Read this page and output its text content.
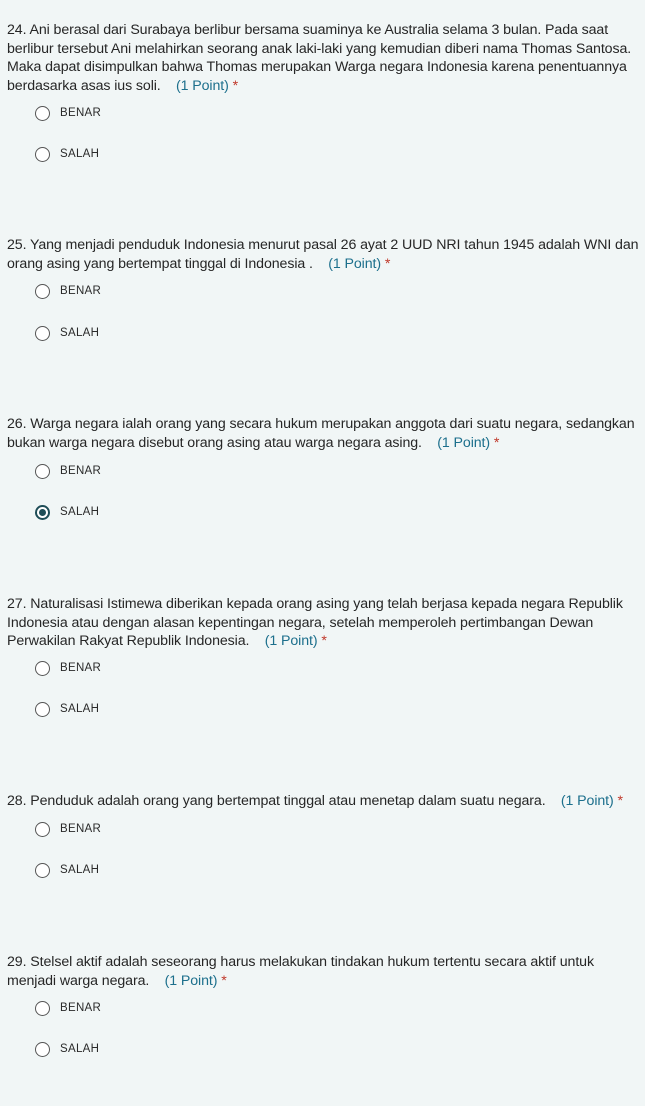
24. Ani berasal dari Surabaya berlibur bersama suaminya ke Australia selama 3 bulan. Pada saat berlibur tersebut Ani melahirkan seorang anak laki-laki yang kemudian diberi nama Thomas Santosa. Maka dapat disimpulkan bahwa Thomas merupakan Warga negara Indonesia karena penentuannya berdasarka asas ius soli. (1 Point) *
BENAR
SALAH
25. Yang menjadi penduduk Indonesia menurut pasal 26 ayat 2 UUD NRI tahun 1945 adalah WNI dan orang asing yang bertempat tinggal di Indonesia . (1 Point) *
BENAR
SALAH
26. Warga negara ialah orang yang secara hukum merupakan anggota dari suatu negara, sedangkan bukan warga negara disebut orang asing atau warga negara asing. (1 Point) *
BENAR
SALAH
27. Naturalisasi Istimewa diberikan kepada orang asing yang telah berjasa kepada negara Republik Indonesia atau dengan alasan kepentingan negara, setelah memperoleh pertimbangan Dewan Perwakilan Rakyat Republik Indonesia. (1 Point) *
BENAR
SALAH
28. Penduduk adalah orang yang bertempat tinggal atau menetap dalam suatu negara. (1 Point) *
BENAR
SALAH
29. Stelsel aktif adalah seseorang harus melakukan tindakan hukum tertentu secara aktif untuk menjadi warga negara. (1 Point) *
BENAR
SALAH
